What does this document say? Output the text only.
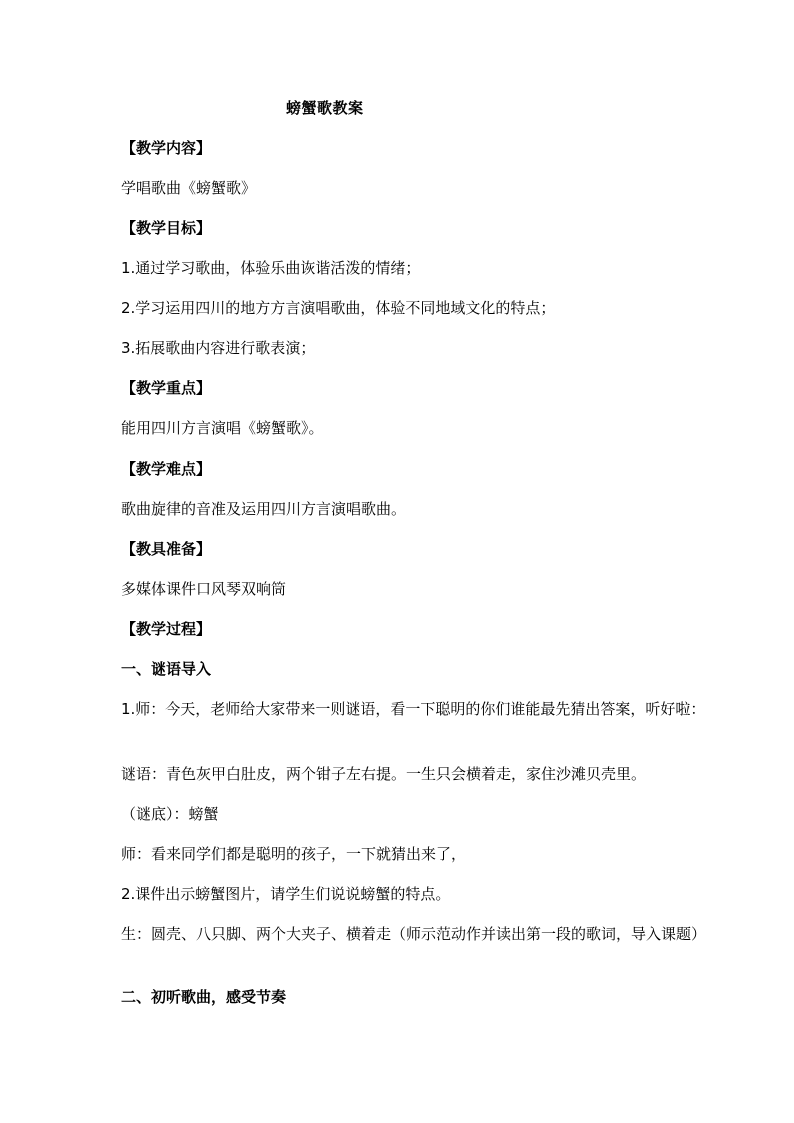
螃蟹歌教案
【教学内容】
学唱歌曲《螃蟹歌》
【教学目标】
1.通过学习歌曲，体验乐曲诙谐活泼的情绪；
2.学习运用四川的地方方言演唱歌曲，体验不同地域文化的特点；
3.拓展歌曲内容进行歌表演；
【教学重点】
能用四川方言演唱《螃蟹歌》。
【教学难点】
歌曲旋律的音准及运用四川方言演唱歌曲。
【教具准备】
多媒体课件口风琴双响筒
【教学过程】
一、谜语导入
1.师：今天，老师给大家带来一则谜语，看一下聪明的你们谁能最先猜出答案，听好啦：
谜语：青色灰甲白肚皮，两个钳子左右提。一生只会横着走，家住沙滩贝壳里。
（谜底）：螃蟹
师：看来同学们都是聪明的孩子，一下就猜出来了，
2.课件出示螃蟹图片，请学生们说说螃蟹的特点。
生：圆壳、八只脚、两个大夹子、横着走（师示范动作并读出第一段的歌词，导入课题）
二、初听歌曲，感受节奏
